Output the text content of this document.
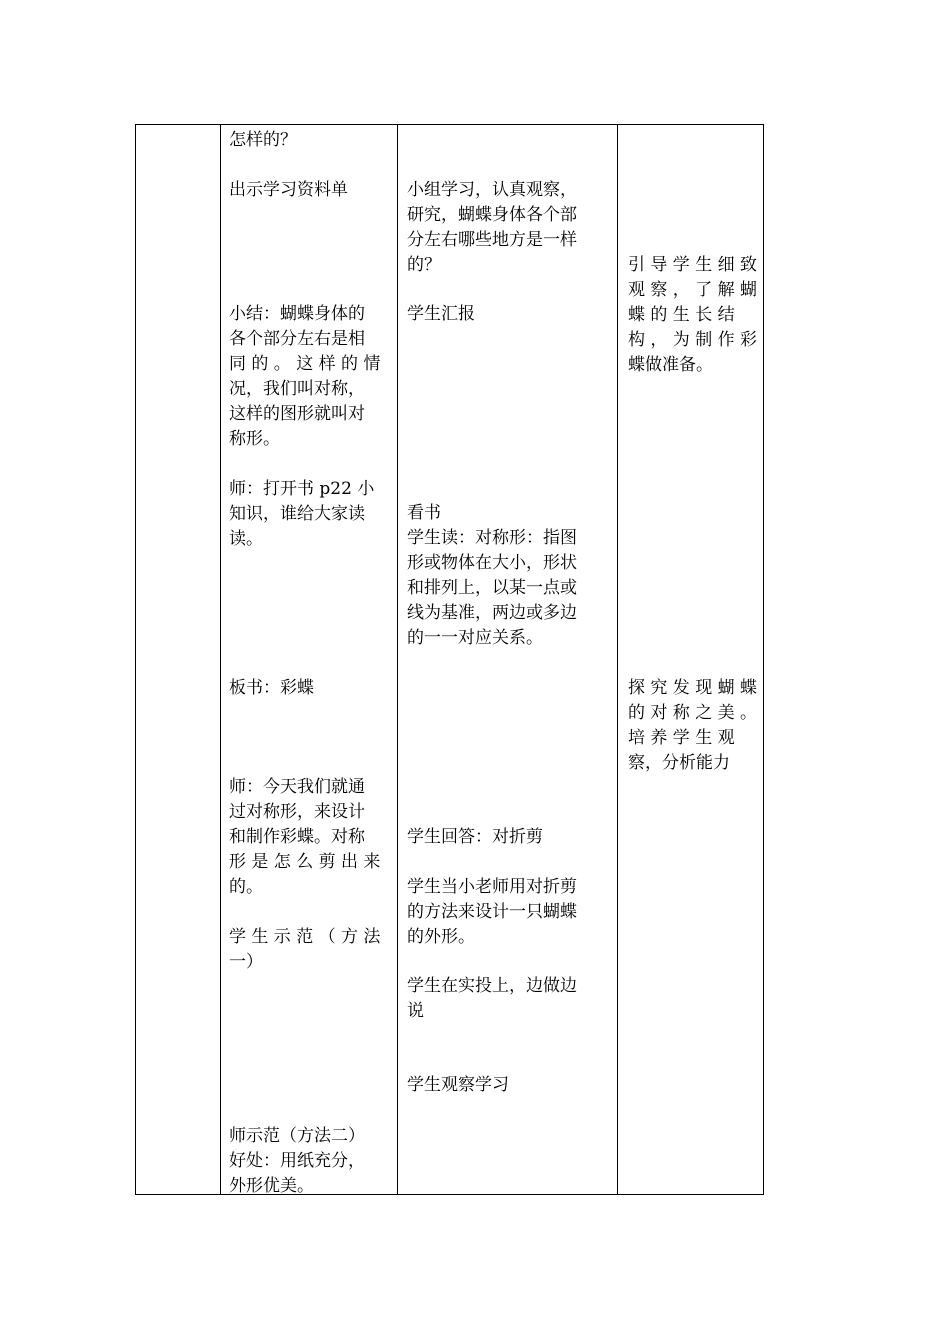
怎样的？
出示学习资料单
小结：蝴蝶身体的
各个部分左右是相
同 的 。 这 样 的 情
况，我们叫对称，
这样的图形就叫对
称形。
师：打开书 p22 小
知识，谁给大家读
读。
板书：彩蝶
师：今天我们就通
过对称形，来设计
和制作彩蝶。对称
形 是 怎 么 剪 出 来
的。
学 生 示 范 （ 方 法
一）
师示范（方法二）
好处：用纸充分，
外形优美。
小组学习，认真观察，
研究，蝴蝶身体各个部
分左右哪些地方是一样
的？
学生汇报
看书
学生读：对称形：指图
形或物体在大小，形状
和排列上，以某一点或
线为基准，两边或多边
的一一对应关系。
学生回答：对折剪
学生当小老师用对折剪
的方法来设计一只蝴蝶
的外形。
学生在实投上，边做边
说
学生观察学习
引 导 学 生 细 致
观 察 ， 了 解 蝴
蝶 的 生 长 结
构 ， 为 制 作 彩
蝶做准备。
探 究 发 现 蝴 蝶
的 对 称 之 美 。
培 养 学 生 观
察，分析能力
